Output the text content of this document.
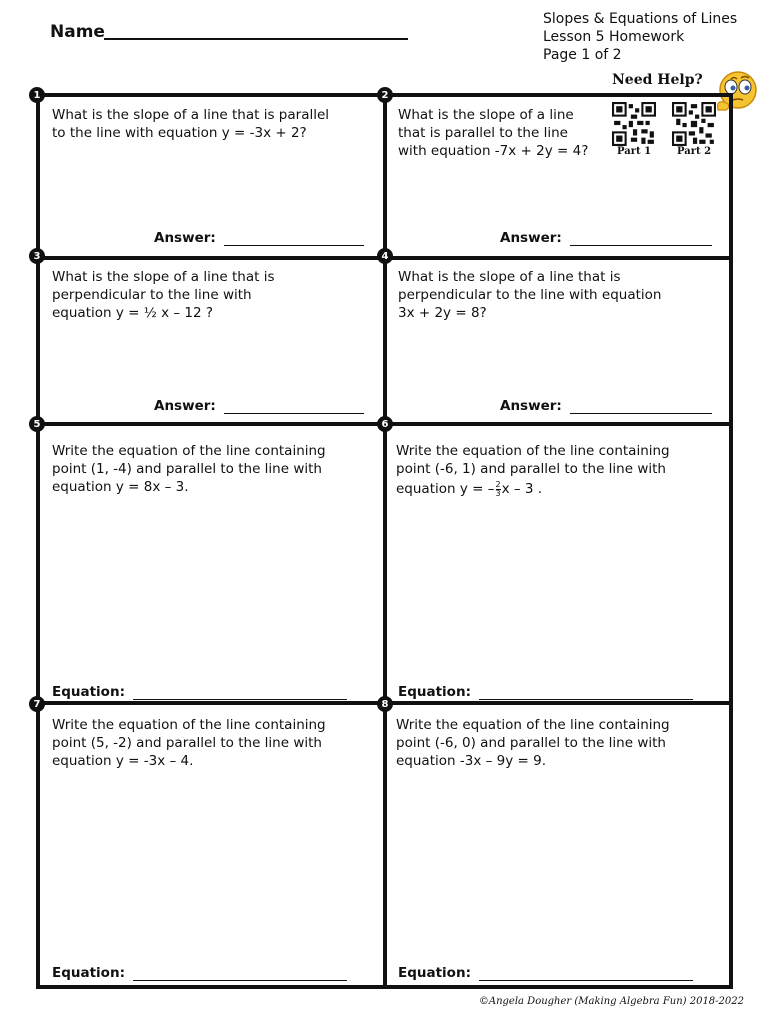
Name
Slopes & Equations of Lines
Lesson 5 Homework
Page 1 of 2
Need Help?
1	2
3	4
5	6
7	8
What is the slope of a line that is parallel
to the line with equation y = -3x + 2?
Answer:
What is the slope of a line
that is parallel to the line
with equation -7x + 2y = 4?	Part 1	Part 2
Answer:
What is the slope of a line that is
perpendicular to the line with
equation y = ½ x – 12 ?
Answer:
What is the slope of a line that is
perpendicular to the line with equation
3x + 2y = 8?
Answer:
Write the equation of the line containing
point (1, -4) and parallel to the line with
equation y = 8x – 3.
Equation:
Write the equation of the line containing
point (-6, 1) and parallel to the line with
equation y = – $\frac{2}{3}$ x – 3 .
Equation:
Write the equation of the line containing
point (5, -2) and parallel to the line with
equation y = -3x – 4.
Equation:
Write the equation of the line containing
point (-6, 0) and parallel to the line with
equation -3x – 9y = 9.
Equation:
©Angela Dougher (Making Algebra Fun) 2018-2022
